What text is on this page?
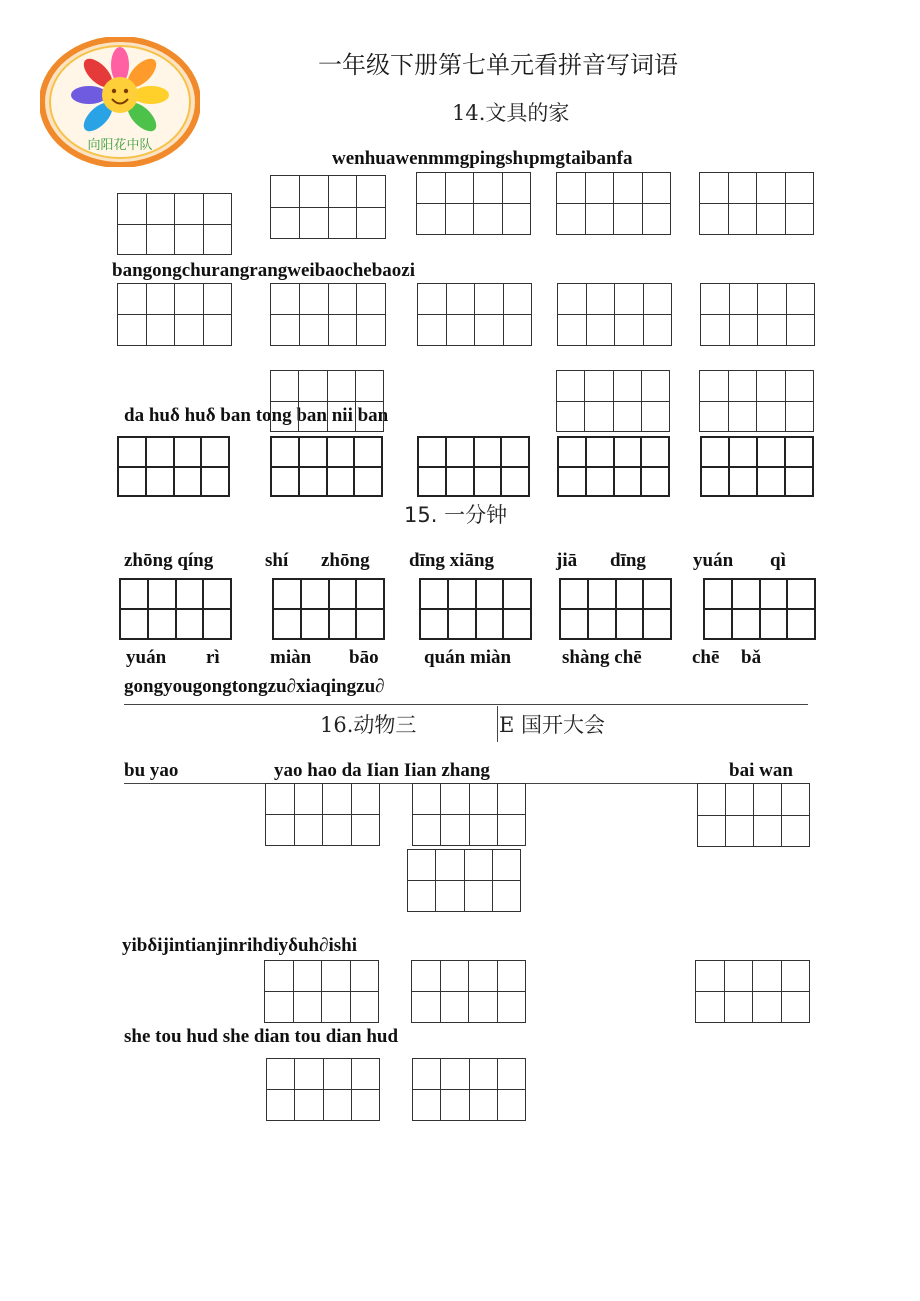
向阳花中队
一年级下册第七单元看拼音写词语
14.文具的家
wenhuawenmmgpingshιpmgtaibanfa
bangongchurangrangweibaochebaozi
da huδ huδ ban tong ban nii ban
15. 一分钟
zhōng qíng	shí zhōng dīng xiāng	jiā dīng yuán qì
yuán rì	miàn bāo quán miàn	shàng chē	chē bǎ
gongyougongtongzu∂xiaqingzu∂
16.动物三	E 国开大会
bu yao	yao hao da Iian Iian zhang	bai wan
yibδijintianjinrihdiyδuh∂ishi
she tou hud she dian tou dian hud
